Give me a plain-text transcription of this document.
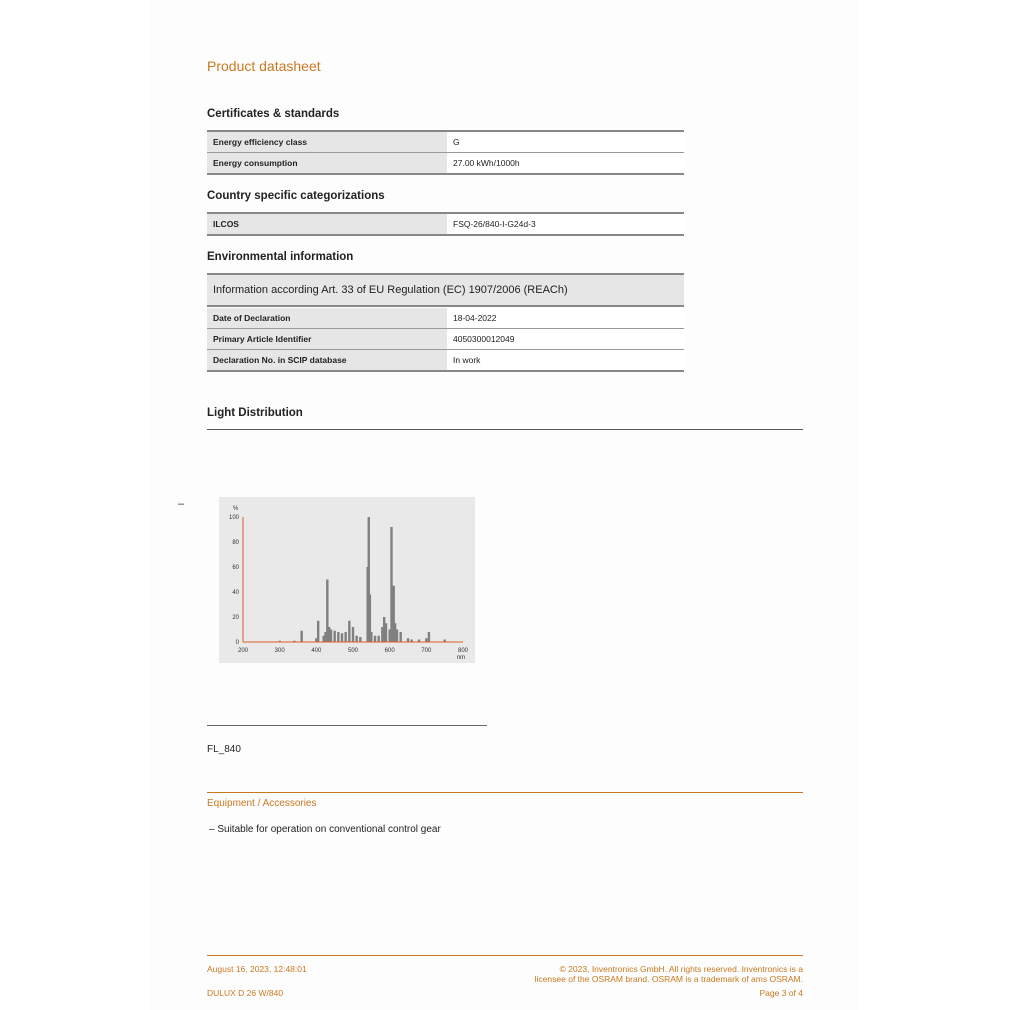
Product datasheet
Certificates & standards
Energy efficiency class	G
Energy consumption	27.00 kWh/1000h
Country specific categorizations
ILCOS	FSQ-26/840-I-G24d-3
Environmental information
Information according Art. 33 of EU Regulation (EC) 1907/2006 (REACh)
Date of Declaration	18-04-2022
Primary Article Identifier	4050300012049
Declaration No. in SCIP database	In work
Light Distribution
–
200	300	400	500	600	700	800
0
20
40
60
80
100
%
nm
FL_840
Equipment / Accessories
– Suitable for operation on conventional control gear
August 16, 2023, 12:48:01
DULUX D 26 W/840
© 2023, Inventronics GmbH. All rights reserved. Inventronics is a
licensee of the OSRAM brand. OSRAM is a trademark of ams OSRAM.
Page 3 of 4
